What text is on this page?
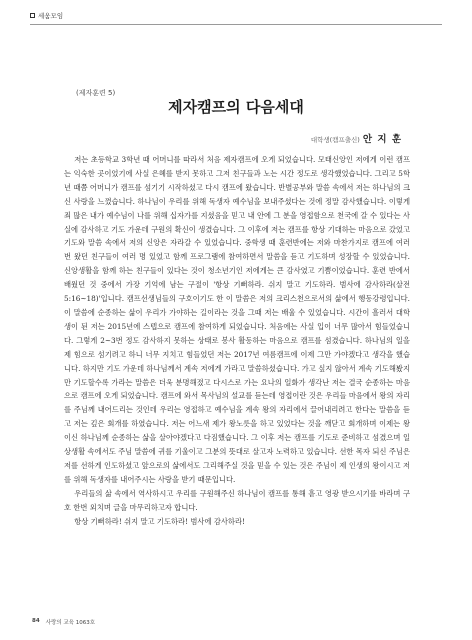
세움모임
(제자훈련 5)
제자캠프의 다음세대
대학생(캠프출신) 안 지 훈

저는 초등학교 3학년 때 어머니를 따라서 처음 제자캠프에 오게 되었습니다. 모태신앙인 저에게 이런 캠프는 익숙한 곳이었기에 사실 은혜를 받지 못하고 그저 친구들과 노는 시간 정도로 생각했었습니다. 그리고 5학년 때쯤 어머니가 캠프를 섬기기 시작하셨고 다시 캠프에 왔습니다. 반별공부와 말씀 속에서 저는 하나님의 크신 사랑을 느꼈습니다. 하나님이 우리를 위해 독생자 예수님을 보내주셨다는 것에 정말 감사했습니다. 이렇게 죄 많은 내가 예수님이 나를 위해 십자가를 지셨음을 믿고 내 안에 그 분을 영접함으로 천국에 갈 수 있다는 사실에 감사하고 기도 가운데 구원의 확신이 생겼습니다. 그 이후에 저는 캠프를 항상 기대하는 마음으로 갔었고 기도와 말씀 속에서 저의 신앙은 자라갈 수 있었습니다. 중학생 때 훈련반에는 저와 마찬가지로 캠프에 여러 번 왔던 친구들이 여러 명 있었고 함께 프로그램에 참여하면서 말씀을 듣고 기도하며 성장할 수 있었습니다. 신앙생활을 함께 하는 친구들이 있다는 것이 청소년기인 저에게는 큰 감사였고 기쁨이었습니다. 훈련 반에서 배웠던 것 중에서 가장 기억에 남는 구절이 '항상 기뻐하라. 쉬지 말고 기도하라. 범사에 감사하라(살전 5:16~18)'입니다. 캠프선생님들의 구호이기도 한 이 말씀은 저의 크리스천으로서의 삶에서 행동강령입니다. 이 말씀에 순종하는 삶이 우리가 가야하는 길이라는 것을 그때 저는 배울 수 있었습니다. 시간이 흘러서 대학생이 된 저는 2015년에 스텝으로 캠프에 참여하게 되었습니다. 처음에는 사실 입이 너무 많아서 힘들었습니다. 그렇게 2~3번 정도 감사하지 못하는 상태로 봉사 활동하는 마음으로 캠프를 섬겼습니다. 하나님의 일을 제 힘으로 섬기려고 하니 너무 지치고 힘들었던 저는 2017년 여름캠프에 이제 그만 가야겠다고 생각을 했습니다. 하지만 기도 가운데 하나님께서 계속 저에게 가라고 말씀하셨습니다. 가고 싶지 않아서 계속 기도해봤지만 기도할수록 가라는 말씀은 더욱 분명해졌고 다시스로 가는 요나의 일화가 생각난 저는 결국 순종하는 마음으로 캠프에 오게 되었습니다. 캠프에 와서 목사님의 설교를 듣는데 영접이란 것은 우리들 마음에서 왕의 자리를 주님께 내어드리는 것인데 우리는 영접하고 예수님을 계속 왕의 자리에서 끌어내리려고 한다는 말씀을 듣고 저는 깊은 회개를 하였습니다. 저는 어느새 제가 왕노릇을 하고 있었다는 것을 깨닫고 회개하며 이제는 왕이신 하나님께 순종하는 삶을 살아야겠다고 다짐했습니다. 그 이후 저는 캠프를 기도로 준비하고 섬겼으며 일상생활 속에서도 주님 말씀에 귀를 기울이고 그분의 뜻대로 살고자 노력하고 있습니다. 선한 목자 되신 주님은 저를 선하게 인도하셨고 앞으로의 삶에서도 그리해주실 것을 믿을 수 있는 것은 주님이 제 인생의 왕이시고 저를 위해 독생자를 내어주시는 사랑을 받기 때문입니다.

우리들의 삶 속에서 역사하시고 우리를 구원해주신 하나님이 캠프를 통해 흩고 영광 받으시기를 바라며 구호 한번 외치며 글을 마무리하고자 합니다.

항상 기뻐하라! 쉬지 말고 기도하라! 범사에 감사하라!

84 사랑의 교육 1063호
